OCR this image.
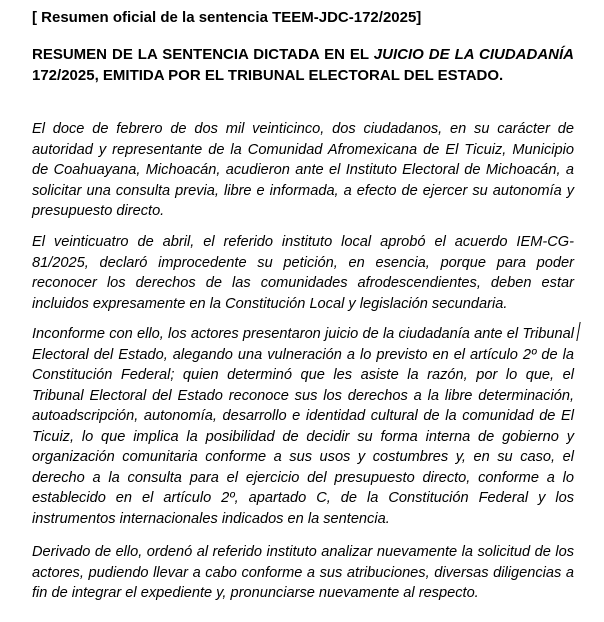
[ Resumen oficial de la sentencia TEEM-JDC-172/2025]
RESUMEN DE LA SENTENCIA DICTADA EN EL JUICIO DE LA CIUDADANÍA 172/2025, EMITIDA POR EL TRIBUNAL ELECTORAL DEL ESTADO.

El doce de febrero de dos mil veinticinco, dos ciudadanos, en su carácter de autoridad y representante de la Comunidad Afromexicana de El Ticuiz, Municipio de Coahuayana, Michoacán, acudieron ante el Instituto Electoral de Michoacán, a solicitar una consulta previa, libre e informada, a efecto de ejercer su autonomía y presupuesto directo.

El veinticuatro de abril, el referido instituto local aprobó el acuerdo IEM-CG-81/2025, declaró improcedente su petición, en esencia, porque para poder reconocer los derechos de las comunidades afrodescendientes, deben estar incluidos expresamente en la Constitución Local y legislación secundaria.

Inconforme con ello, los actores presentaron juicio de la ciudadanía ante el Tribunal Electoral del Estado, alegando una vulneración a lo previsto en el artículo 2º de la Constitución Federal; quien determinó que les asiste la razón, por lo que, el Tribunal Electoral del Estado reconoce sus los derechos a la libre determinación, autoadscripción, autonomía, desarrollo e identidad cultural de la comunidad de El Ticuiz, lo que implica la posibilidad de decidir su forma interna de gobierno y organización comunitaria conforme a sus usos y costumbres y, en su caso, el derecho a la consulta para el ejercicio del presupuesto directo, conforme a lo establecido en el artículo 2º, apartado C, de la Constitución Federal y los instrumentos internacionales indicados en la sentencia.

Derivado de ello, ordenó al referido instituto analizar nuevamente la solicitud de los actores, pudiendo llevar a cabo conforme a sus atribuciones, diversas diligencias a fin de integrar el expediente y, pronunciarse nuevamente al respecto.
